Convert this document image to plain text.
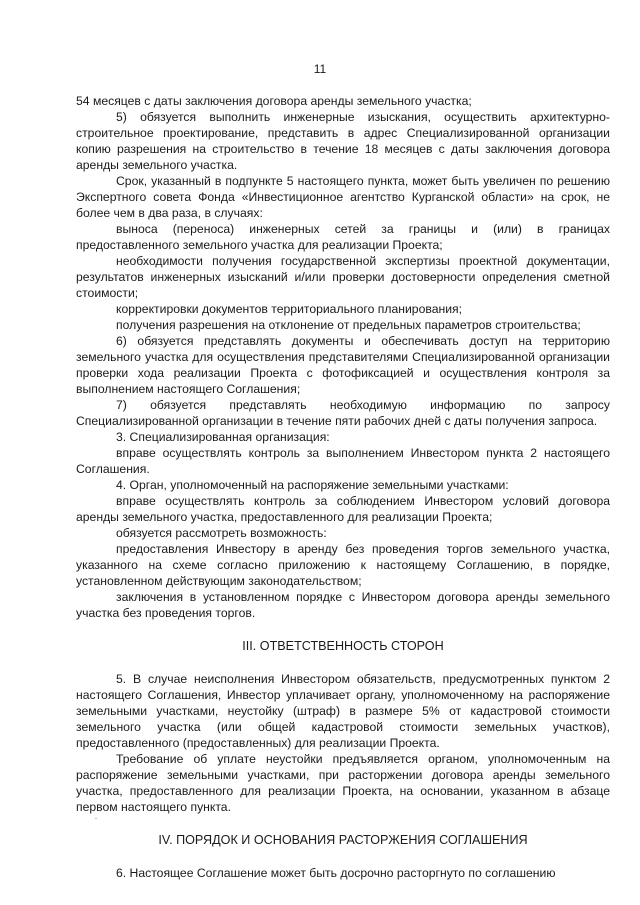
11

54 месяцев с даты заключения договора аренды земельного участка;

5) обязуется выполнить инженерные изыскания, осуществить архитектурно-строительное проектирование, представить в адрес Специализированной организации копию разрешения на строительство в течение 18 месяцев с даты заключения договора аренды земельного участка.

Срок, указанный в подпункте 5 настоящего пункта, может быть увеличен по решению Экспертного совета Фонда «Инвестиционное агентство Курганской области» на срок, не более чем в два раза, в случаях:

выноса (переноса) инженерных сетей за границы и (или) в границах предоставленного земельного участка для реализации Проекта;

необходимости получения государственной экспертизы проектной документации, результатов инженерных изысканий и/или проверки достоверности определения сметной стоимости;

корректировки документов территориального планирования;

получения разрешения на отклонение от предельных параметров строительства;

6) обязуется представлять документы и обеспечивать доступ на территорию земельного участка для осуществления представителями Специализированной организации проверки хода реализации Проекта с фотофиксацией и осуществления контроля за выполнением настоящего Соглашения;

7) обязуется представлять необходимую информацию по запросу Специализированной организации в течение пяти рабочих дней с даты получения запроса.

3. Специализированная организация:

вправе осуществлять контроль за выполнением Инвестором пункта 2 настоящего Соглашения.

4. Орган, уполномоченный на распоряжение земельными участками:

вправе осуществлять контроль за соблюдением Инвестором условий договора аренды земельного участка, предоставленного для реализации Проекта;

обязуется рассмотреть возможность:

предоставления Инвестору в аренду без проведения торгов земельного участка, указанного на схеме согласно приложению к настоящему Соглашению, в порядке, установленном действующим законодательством;

заключения в установленном порядке с Инвестором договора аренды земельного участка без проведения торгов.

III. ОТВЕТСТВЕННОСТЬ СТОРОН

5. В случае неисполнения Инвестором обязательств, предусмотренных пунктом 2 настоящего Соглашения, Инвестор уплачивает органу, уполномоченному на распоряжение земельными участками, неустойку (штраф) в размере 5% от кадастровой стоимости земельного участка (или общей кадастровой стоимости земельных участков), предоставленного (предоставленных) для реализации Проекта.

Требование об уплате неустойки предъявляется органом, уполномоченным на распоряжение земельными участками, при расторжении договора аренды земельного участка, предоставленного для реализации Проекта, на основании, указанном в абзаце первом настоящего пункта.

IV. ПОРЯДОК И ОСНОВАНИЯ РАСТОРЖЕНИЯ СОГЛАШЕНИЯ

6. Настоящее Соглашение может быть досрочно расторгнуто по соглашению
